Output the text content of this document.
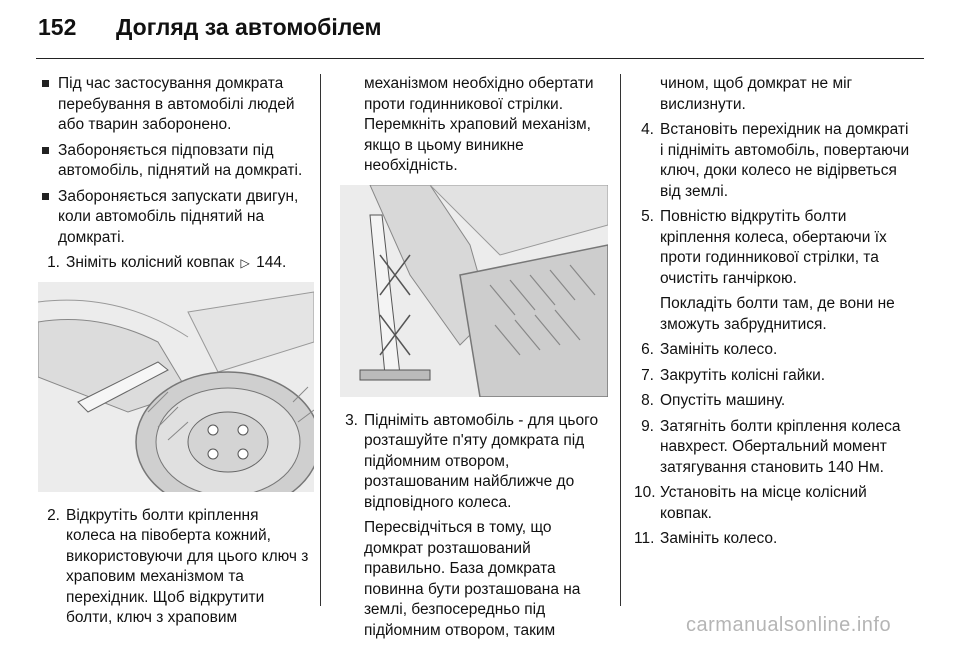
152 Догляд за автомобілем
Під час застосування домкрата перебування в автомобілі людей або тварин заборонено.
Забороняється підповзати під автомобіль, піднятий на домкраті.
Забороняється запускати двигун, коли автомобіль піднятий на домкраті.
1. Зніміть колісний ковпак ▷ 144.
2. Відкрутіть болти кріплення колеса на півоберта кожний, використовуючи для цього ключ з храповим механізмом та перехідник. Щоб відкрутити болти, ключ з храповим
механізмом необхідно обертати проти годинникової стрілки. Перемкніть храповий механізм, якщо в цьому виникне необхідність.
3. Підніміть автомобіль - для цього розташуйте п'яту домкрата під підйомним отвором, розташованим найближче до відповідного колеса.
Пересвідчіться в тому, що домкрат розташований правильно. База домкрата повинна бути розташована на землі, безпосередньо під підйомним отвором, таким
чином, щоб домкрат не міг вислизнути.
4. Встановіть перехідник на домкраті і підніміть автомобіль, повертаючи ключ, доки колесо не відірветься від землі.
5. Повністю відкрутіть болти кріплення колеса, обертаючи їх проти годинникової стрілки, та очистіть ганчіркою.
Покладіть болти там, де вони не зможуть забруднитися.
6. Замініть колесо.
7. Закрутіть колісні гайки.
8. Опустіть машину.
9. Затягніть болти кріплення колеса навхрест. Обертальний момент затягування становить 140 Нм.
10. Установіть на місце колісний ковпак.
11. Замініть колесо.
carmanualsonline.info
